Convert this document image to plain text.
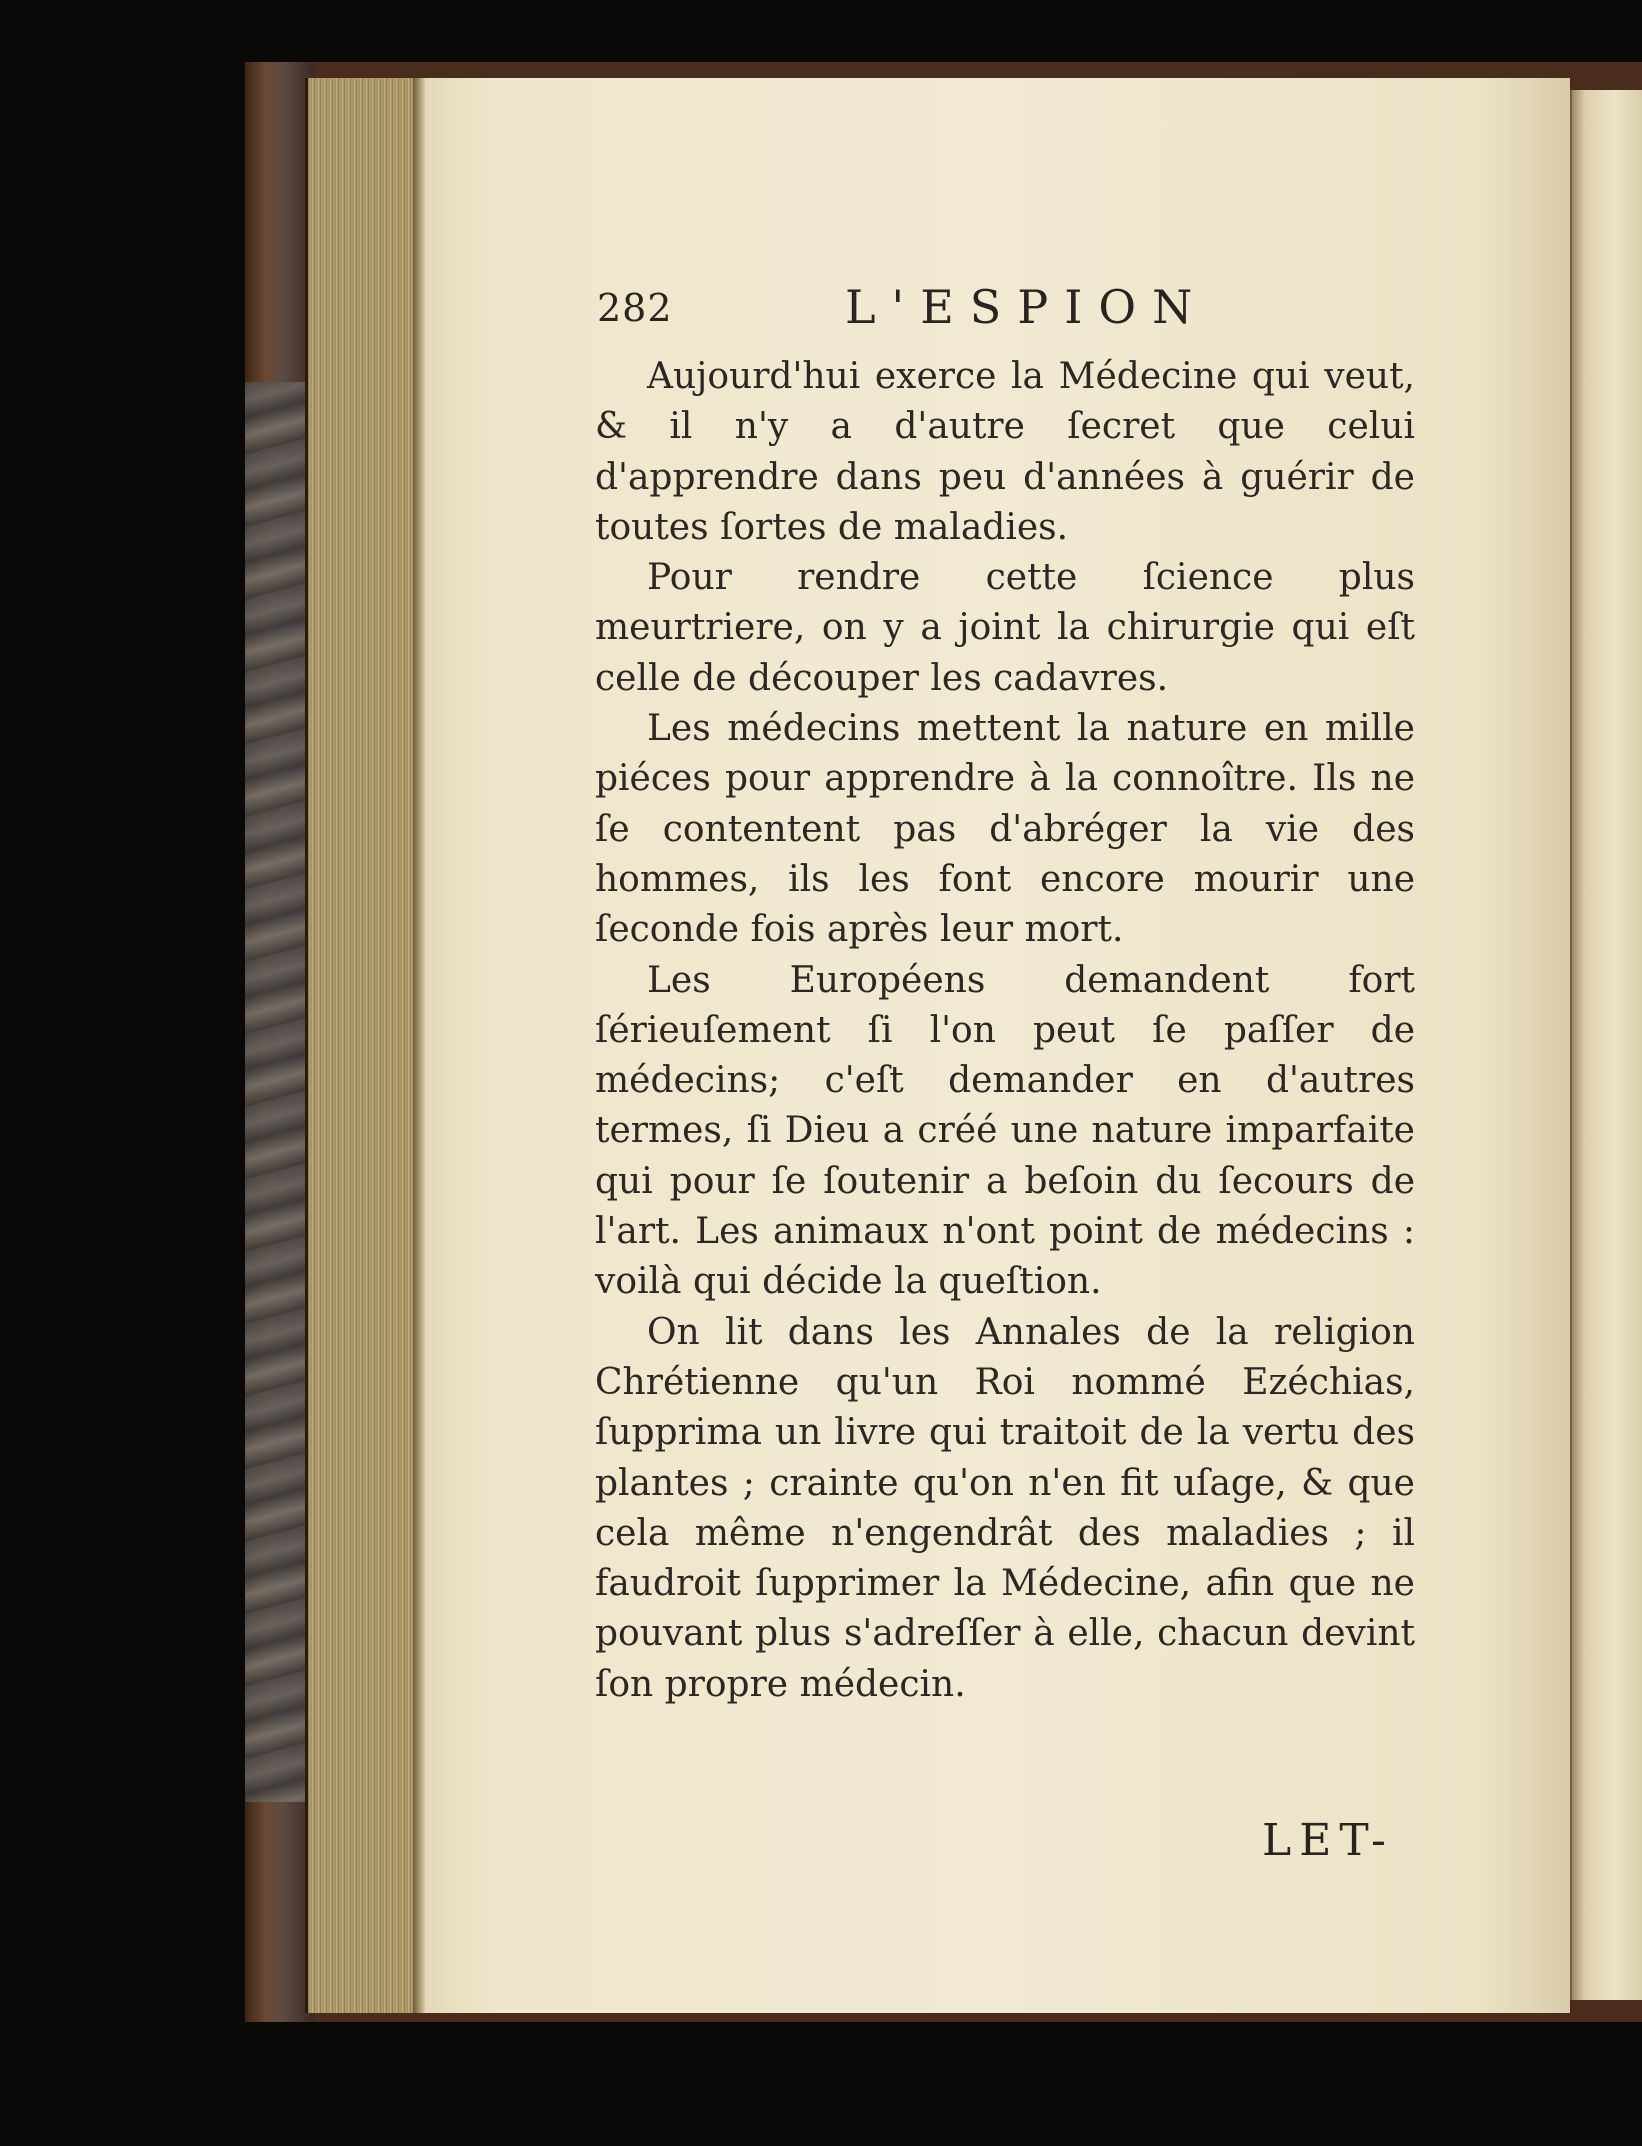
282	L'ESPION

Aujourd'hui exerce la Médecine qui veut, & il n'y a d'autre ſecret que celui d'apprendre dans peu d'années à guérir de toutes ſortes de maladies.

Pour rendre cette ſcience plus meurtriere, on y a joint la chirurgie qui eſt celle de découper les cadavres.

Les médecins mettent la nature en mille piéces pour apprendre à la connoître. Ils ne ſe contentent pas d'abréger la vie des hommes, ils les font encore mourir une ſeconde fois après leur mort.

Les Européens demandent fort ſérieuſement ſi l'on peut ſe paſſer de médecins; c'eſt demander en d'autres termes, ſi Dieu a créé une nature imparfaite qui pour ſe ſoutenir a beſoin du ſecours de l'art. Les animaux n'ont point de médecins : voilà qui décide la queſtion.

On lit dans les Annales de la religion Chrétienne qu'un Roi nommé Ezéchias, ſupprima un livre qui traitoit de la vertu des plantes ; crainte qu'on n'en fit uſage, & que cela même n'engendrât des maladies ; il faudroit ſupprimer la Médecine, afin que ne pouvant plus s'adreſſer à elle, chacun devint ſon propre médecin.

LET-
